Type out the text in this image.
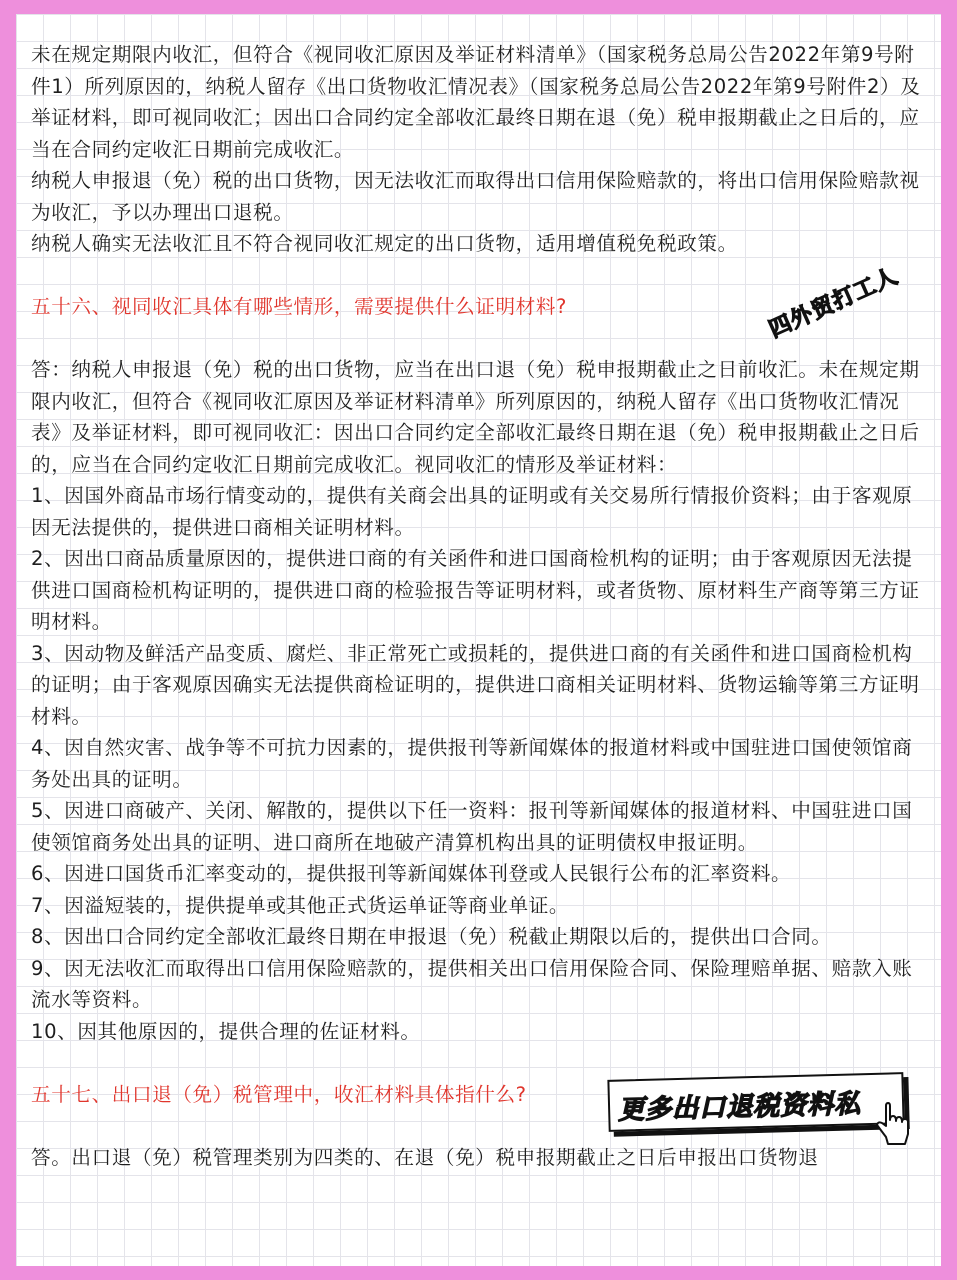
未在规定期限内收汇，但符合《视同收汇原因及举证材料清单》（国家税务总局公告2022年第9号附件1）所列原因的，纳税人留存《出口货物收汇情况表》（国家税务总局公告2022年第9号附件2）及举证材料，即可视同收汇；因出口合同约定全部收汇最终日期在退（免）税申报期截止之日后的，应当在合同约定收汇日期前完成收汇。

纳税人申报退（免）税的出口货物，因无法收汇而取得出口信用保险赔款的，将出口信用保险赔款视为收汇，予以办理出口退税。

纳税人确实无法收汇且不符合视同收汇规定的出口货物，适用增值税免税政策。

五十六、视同收汇具体有哪些情形，需要提供什么证明材料?

答：纳税人申报退（免）税的出口货物，应当在出口退（免）税申报期截止之日前收汇。未在规定期限内收汇，但符合《视同收汇原因及举证材料清单》所列原因的，纳税人留存《出口货物收汇情况表》及举证材料，即可视同收汇：因出口合同约定全部收汇最终日期在退（免）税申报期截止之日后的，应当在合同约定收汇日期前完成收汇。视同收汇的情形及举证材料：

1、因国外商品市场行情变动的，提供有关商会出具的证明或有关交易所行情报价资料；由于客观原因无法提供的，提供进口商相关证明材料。

2、因出口商品质量原因的，提供进口商的有关函件和进口国商检机构的证明；由于客观原因无法提供进口国商检机构证明的，提供进口商的检验报告等证明材料，或者货物、原材料生产商等第三方证明材料。

3、因动物及鲜活产品变质、腐烂、非正常死亡或损耗的，提供进口商的有关函件和进口国商检机构的证明；由于客观原因确实无法提供商检证明的，提供进口商相关证明材料、货物运输等第三方证明材料。

4、因自然灾害、战争等不可抗力因素的，提供报刊等新闻媒体的报道材料或中国驻进口国使领馆商务处出具的证明。

5、因进口商破产、关闭、解散的，提供以下任一资料：报刊等新闻媒体的报道材料、中国驻进口国使领馆商务处出具的证明、进口商所在地破产清算机构出具的证明债权申报证明。

6、因进口国货币汇率变动的，提供报刊等新闻媒体刊登或人民银行公布的汇率资料。

7、因溢短装的，提供提单或其他正式货运单证等商业单证。

8、因出口合同约定全部收汇最终日期在申报退（免）税截止期限以后的，提供出口合同。

9、因无法收汇而取得出口信用保险赔款的，提供相关出口信用保险合同、保险理赔单据、赔款入账流水等资料。

10、因其他原因的，提供合理的佐证材料。

五十七、出口退（免）税管理中，收汇材料具体指什么?

答。出口退（免）税管理类别为四类的、在退（免）税申报期截止之日后申报出口货物退

四外贸打工人
更多出口退税资料私
